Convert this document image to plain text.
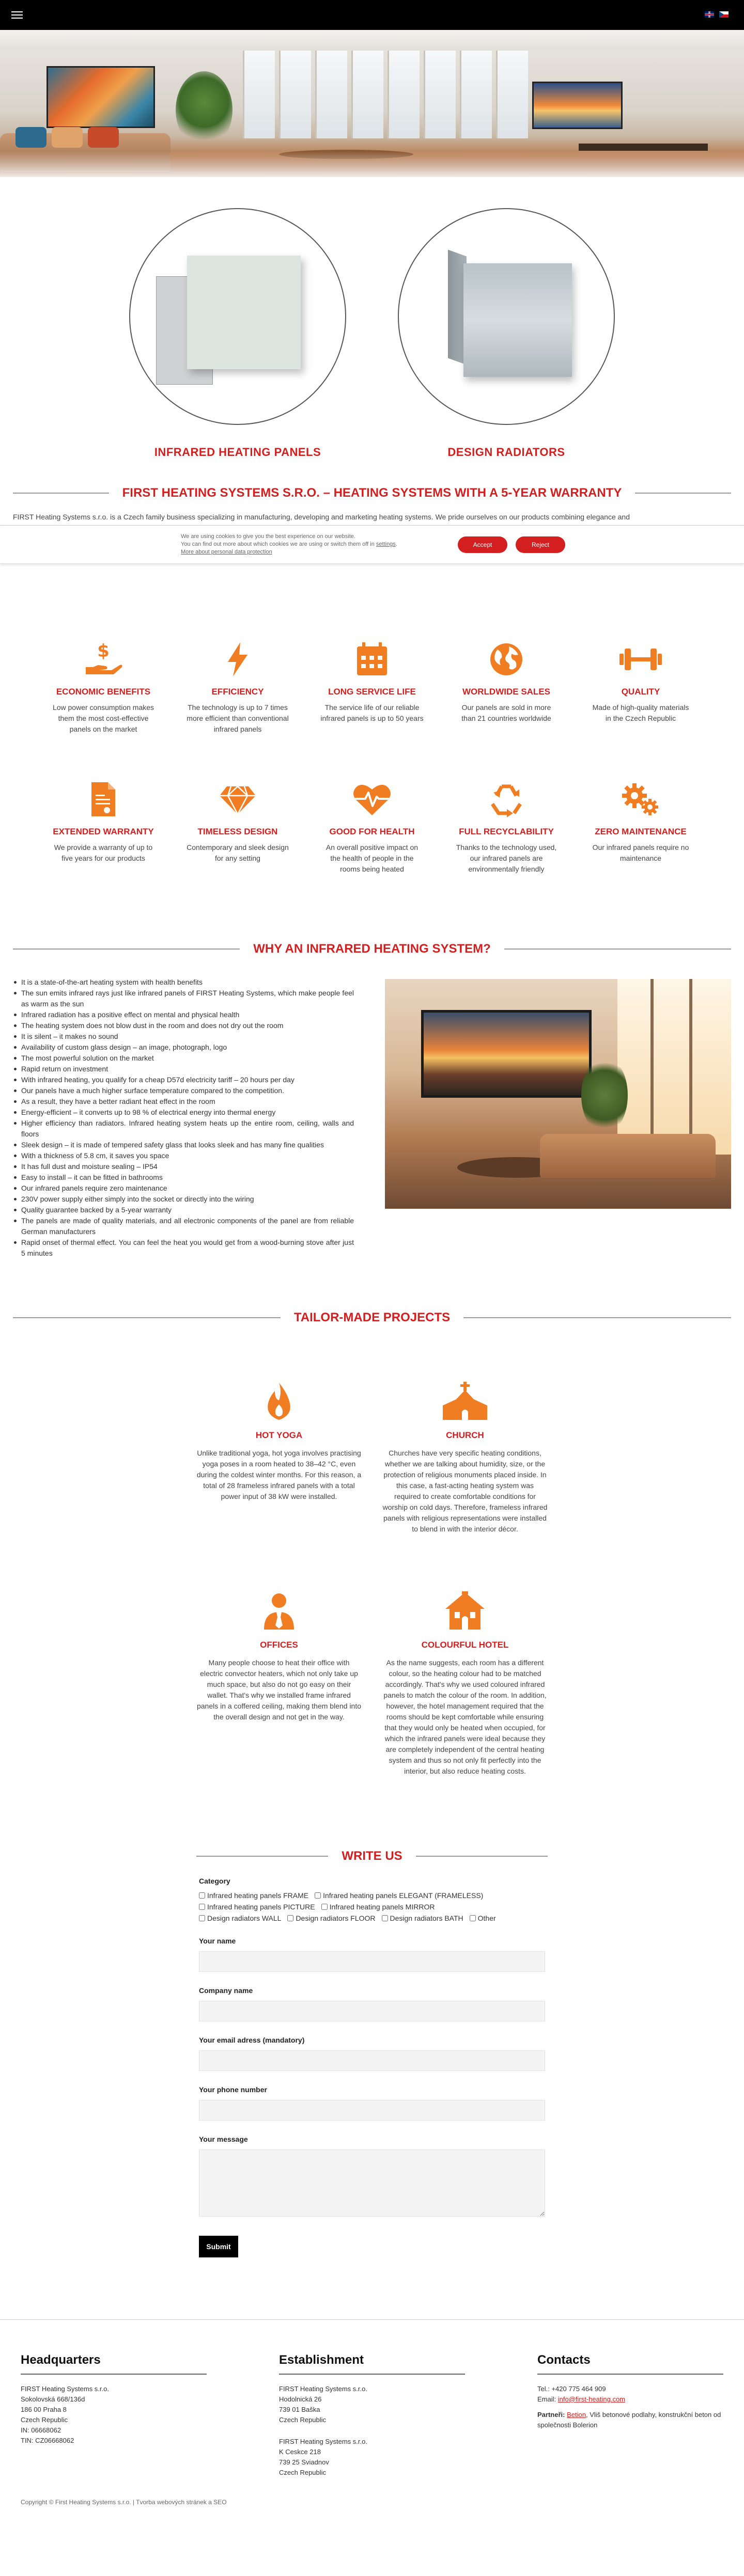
INFRARED HEATING PANELS	DESIGN RADIATORS
FIRST HEATING SYSTEMS S.R.O. – HEATING SYSTEMS WITH A 5-YEAR WARRANTY

FIRST Heating Systems s.r.o. is a Czech family business specializing in manufacturing, developing and marketing heating systems. We pride ourselves on our products combining elegance and

We are using cookies to give you the best experience on our website.
You can find out more about which cookies we are using or switch them off in settings.
More about personal data protection
Accept	Reject
$
ECONOMIC BENEFITS

Low power consumption makes them the most cost-effective panels on the market

EFFICIENCY

The technology is up to 7 times more efficient than conventional infrared panels

LONG SERVICE LIFE

The service life of our reliable infrared panels is up to 50 years

WORLDWIDE SALES

Our panels are sold in more than 21 countries worldwide

QUALITY

Made of high-quality materials in the Czech Republic

EXTENDED WARRANTY

We provide a warranty of up to five years for our products

TIMELESS DESIGN

Contemporary and sleek design for any setting

GOOD FOR HEALTH

An overall positive impact on the health of people in the rooms being heated

FULL RECYCLABILITY

Thanks to the technology used, our infrared panels are environmentally friendly

ZERO MAINTENANCE

Our infrared panels require no maintenance

WHY AN INFRARED HEATING SYSTEM?
It is a state-of-the-art heating system with health benefits
The sun emits infrared rays just like infrared panels of FIRST Heating Systems, which make people feel as warm as the sun
Infrared radiation has a positive effect on mental and physical health
The heating system does not blow dust in the room and does not dry out the room
It is silent – it makes no sound
Availability of custom glass design – an image, photograph, logo
The most powerful solution on the market
Rapid return on investment
With infrared heating, you qualify for a cheap D57d electricity tariff – 20 hours per day
Our panels have a much higher surface temperature compared to the competition.
As a result, they have a better radiant heat effect in the room
Energy-efficient – it converts up to 98 % of electrical energy into thermal energy
Higher efficiency than radiators. Infrared heating system heats up the entire room, ceiling, walls and floors
Sleek design – it is made of tempered safety glass that looks sleek and has many fine qualities
With a thickness of 5.8 cm, it saves you space
It has full dust and moisture sealing – IP54
Easy to install – it can be fitted in bathrooms
Our infrared panels require zero maintenance
230V power supply either simply into the socket or directly into the wiring
Quality guarantee backed by a 5-year warranty
The panels are made of quality materials, and all electronic components of the panel are from reliable German manufacturers
Rapid onset of thermal effect. You can feel the heat you would get from a wood-burning stove after just 5 minutes
TAILOR-MADE PROJECTS
HOT YOGA

Unlike traditional yoga, hot yoga involves practising yoga poses in a room heated to 38–42 °C, even during the coldest winter months. For this reason, a total of 28 frameless infrared panels with a total power input of 38 kW were installed.

CHURCH

Churches have very specific heating conditions, whether we are talking about humidity, size, or the protection of religious monuments placed inside. In this case, a fast-acting heating system was required to create comfortable conditions for worship on cold days. Therefore, frameless infrared panels with religious representations were installed to blend in with the interior décor.

OFFICES

Many people choose to heat their office with electric convector heaters, which not only take up much space, but also do not go easy on their wallet. That's why we installed frame infrared panels in a coffered ceiling, making them blend into the overall design and not get in the way.

COLOURFUL HOTEL

As the name suggests, each room has a different colour, so the heating colour had to be matched accordingly. That's why we used coloured infrared panels to match the colour of the room. In addition, however, the hotel management required that the rooms should be kept comfortable while ensuring that they would only be heated when occupied, for which the infrared panels were ideal because they are completely independent of the central heating system and thus so not only fit perfectly into the interior, but also reduce heating costs.

WRITE US
Category
Infrared heating panels FRAME Infrared heating panels ELEGANT (FRAMELESS)
Infrared heating panels PICTURE Infrared heating panels MIRROR
Design radiators WALL Design radiators FLOOR Design radiators BATH Other
Your name
Company name
Your email adress (mandatory)
Your phone number
Your message
Submit
Headquarters
FIRST Heating Systems s.r.o.
Sokolovská 668/136d
186 00 Praha 8
Czech Republic
IN: 06668062
TIN: CZ06668062
Establishment
FIRST Heating Systems s.r.o.
Hodolnická 26
739 01 Baška
Czech Republic
FIRST Heating Systems s.r.o.
K Ceskce 218
739 25 Sviadnov
Czech Republic
Contacts
Tel.: +420 775 464 909
Email: info@first-heating.com
Partneři: Betion, Vliš betonové podlahy, konstrukční beton od společnosti Bolerion
Copyright © First Heating Systems s.r.o. | Tvorba webových stránek a SEO
